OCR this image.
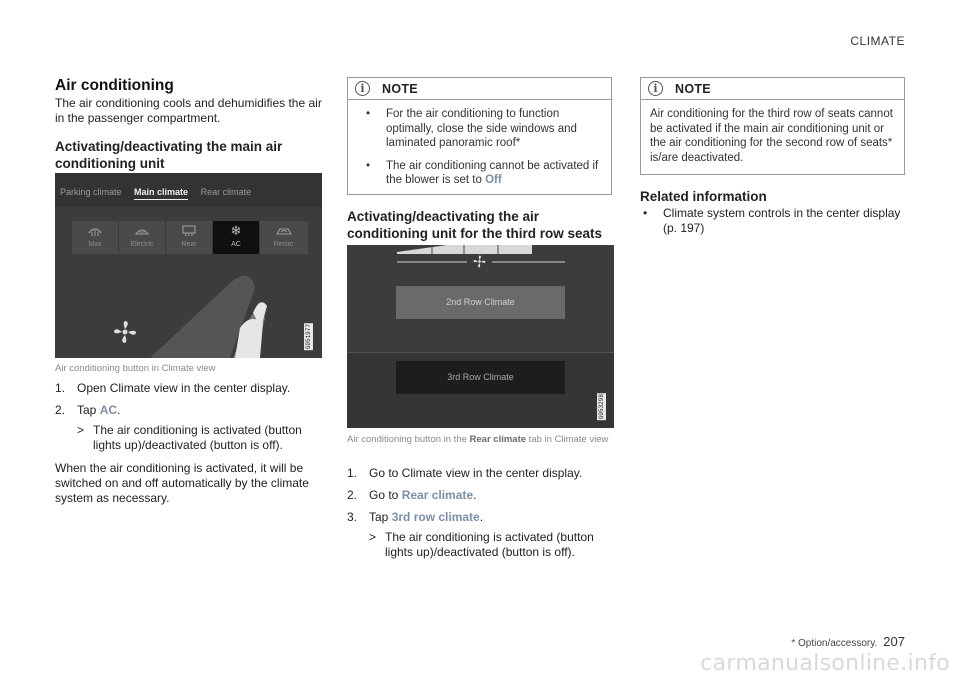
CLIMATE
Air conditioning
The air conditioning cools and dehumidifies the air in the passenger compartment.
Activating/deactivating the main air conditioning unit
Parking climate Main climate Rear climate
Max	Electric	Rear
❄
AC	Recirc
G051977
Air conditioning button in Climate view
1. Open Climate view in the center display.
2. Tap AC.
> The air conditioning is activated (button lights up)/deactivated (button is off).
When the air conditioning is activated, it will be switched on and off automatically by the climate system as necessary.
i	NOTE
• For the air conditioning to function optimally, close the side windows and laminated panoramic roof*
• The air conditioning cannot be activated if the blower is set to Off
Activating/deactivating the air conditioning unit for the third row seats
2nd Row Climate
3rd Row Climate
G053298
Air conditioning button in the Rear climate tab in Climate view
1. Go to Climate view in the center display.
2. Go to Rear climate.
3. Tap 3rd row climate.
> The air conditioning is activated (button lights up)/deactivated (button is off).
i	NOTE
Air conditioning for the third row of seats cannot be activated if the main air conditioning unit or the air conditioning for the second row of seats* is/are deactivated.
Related information
• Climate system controls in the center display (p. 197)
* Option/accessory. 207
carmanualsonline.info
